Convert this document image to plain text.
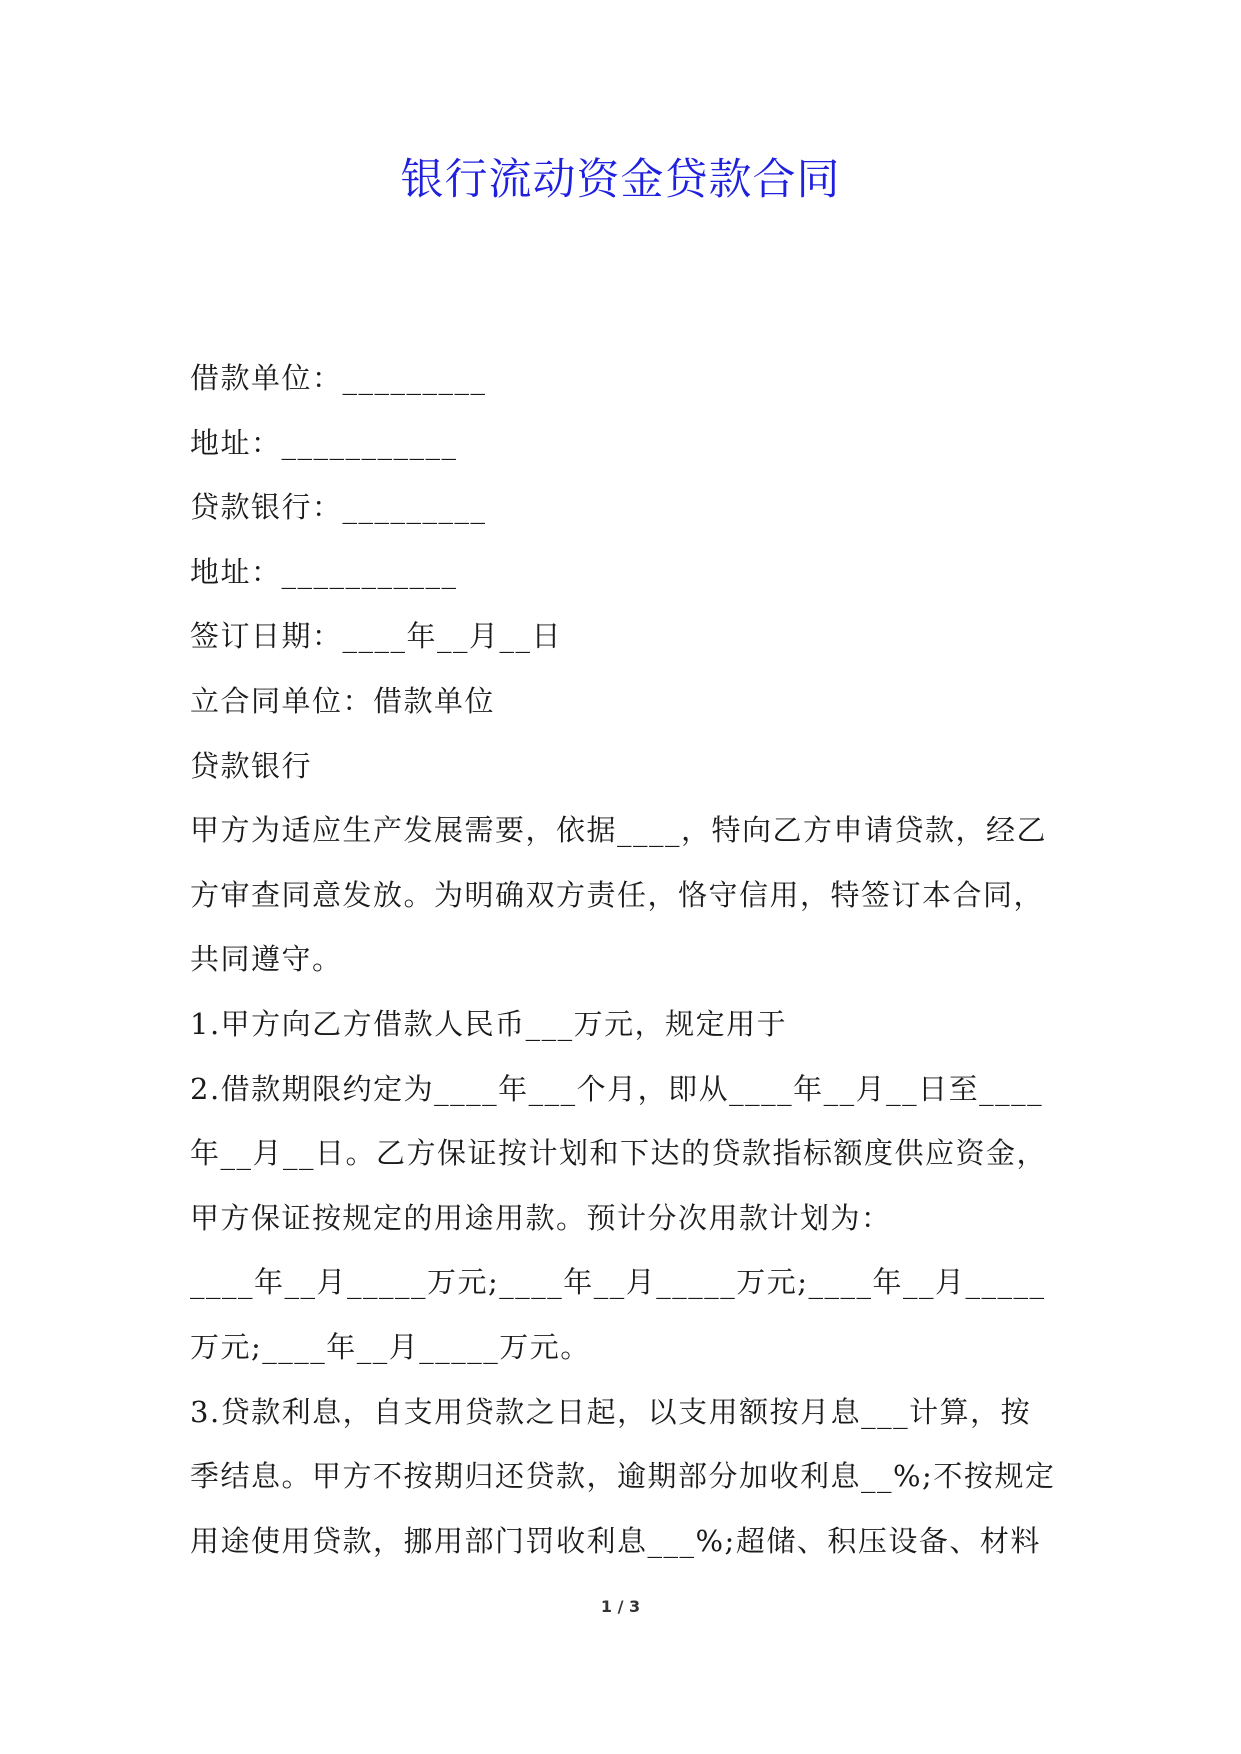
银行流动资金贷款合同

借款单位：_________

地址：___________

贷款银行：_________

地址：___________

签订日期：____年__月__日

立合同单位：借款单位

贷款银行

甲方为适应生产发展需要，依据____，特向乙方申请贷款，经乙

方审查同意发放。为明确双方责任，恪守信用，特签订本合同，

共同遵守。

1.甲方向乙方借款人民币___万元，规定用于

2.借款期限约定为____年___个月，即从____年__月__日至____

年__月__日。乙方保证按计划和下达的贷款指标额度供应资金，

甲方保证按规定的用途用款。预计分次用款计划为：

____年__月_____万元;____年__月_____万元;____年__月_____

万元;____年__月_____万元。

3.贷款利息，自支用贷款之日起，以支用额按月息___计算，按

季结息。甲方不按期归还贷款，逾期部分加收利息__%;不按规定

用途使用贷款，挪用部门罚收利息___%;超储、积压设备、材料

1 / 3
